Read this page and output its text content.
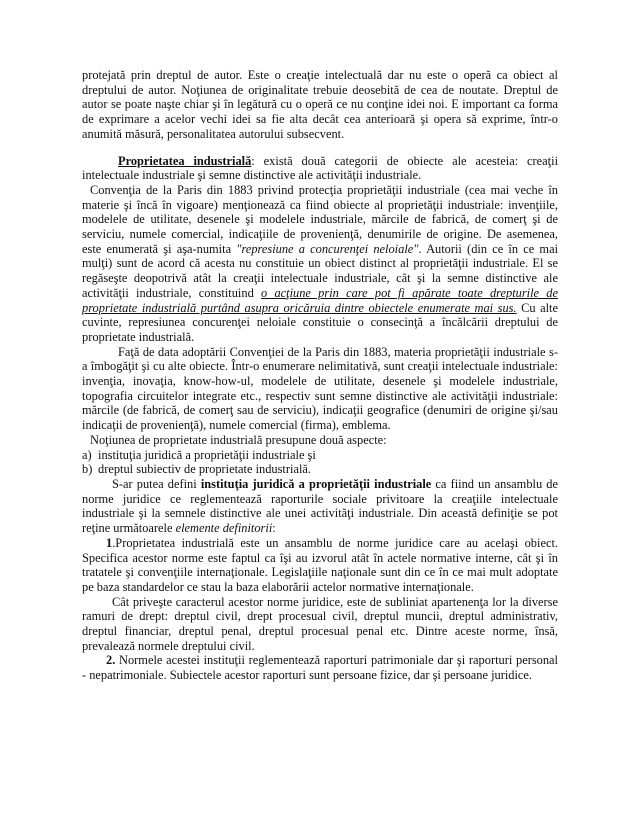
protejată prin dreptul de autor. Este o creaţie intelectuală dar nu este o operă ca obiect al dreptului de autor. Noţiunea de originalitate trebuie deosebită de cea de noutate. Dreptul de autor se poate naşte chiar şi în legătură cu o operă ce nu conţine idei noi. E important ca forma de exprimare a acelor vechi idei sa fie alta decât cea anterioară şi opera să exprime, într-o anumită măsură, personalitatea autorului subsecvent.

Proprietatea industrială: există două categorii de obiecte ale acesteia: creaţii intelectuale industriale şi semne distinctive ale activităţii industriale.

Convenţia de la Paris din 1883 privind protecţia proprietăţii industriale (cea mai veche în materie şi încă în vigoare) menţionează ca fiind obiecte al proprietăţii industriale: invenţiile, modelele de utilitate, desenele şi modelele industriale, mărcile de fabrică, de comerţ şi de serviciu, numele comercial, indicaţiile de provenienţă, denumirile de origine. De asemenea, este enumerată şi aşa-numita "represiune a concurenţei neloiale". Autorii (din ce în ce mai mulţi) sunt de acord că acesta nu constituie un obiect distinct al proprietăţii industriale. El se regăseşte deopotrivă atât la creaţii intelectuale industriale, cât şi la semne distinctive ale activităţii industriale, constituind o acţiune prin care pot fi apărate toate drepturile de proprietate industrială purtând asupra oricăruia dintre obiectele enumerate mai sus. Cu alte cuvinte, represiunea concurenţei neloiale constituie o consecinţă a încălcării dreptului de proprietate industrială.

Faţă de data adoptării Convenţiei de la Paris din 1883, materia proprietăţii industriale s-a îmbogăţit şi cu alte obiecte. Într-o enumerare nelimitativă, sunt creaţii intelectuale industriale: invenţia, inovaţia, know-how-ul, modelele de utilitate, desenele şi modelele industriale, topografia circuitelor integrate etc., respectiv sunt semne distinctive ale activităţii industriale: mărcile (de fabrică, de comerţ sau de serviciu), indicaţii geografice (denumiri de origine şi/sau indicaţii de provenienţă), numele comercial (firma), emblema.

Noţiunea de proprietate industrială presupune două aspecte:

a) instituţia juridică a proprietăţii industriale şi

b) dreptul subiectiv de proprietate industrială.

S-ar putea defini instituţia juridică a proprietăţii industriale ca fiind un ansamblu de norme juridice ce reglementează raporturile sociale privitoare la creaţiile intelectuale industriale şi la semnele distinctive ale unei activităţi industriale. Din această definiţie se pot reţine următoarele elemente definitorii:

1.Proprietatea industrială este un ansamblu de norme juridice care au acelaşi obiect. Specifica acestor norme este faptul ca îşi au izvorul atât în actele normative interne, cât şi în tratatele şi convenţiile internaţionale. Legislaţiile naţionale sunt din ce în ce mai mult adoptate pe baza standardelor ce stau la baza elaborării actelor normative internaţionale.

Cât priveşte caracterul acestor norme juridice, este de subliniat apartenenţa lor la diverse ramuri de drept: dreptul civil, drept procesual civil, dreptul muncii, dreptul administrativ, dreptul financiar, dreptul penal, dreptul procesual penal etc. Dintre aceste norme, însă, prevalează normele dreptului civil.

2. Normele acestei instituţii reglementează raporturi patrimoniale dar şi raporturi personal - nepatrimoniale. Subiectele acestor raporturi sunt persoane fizice, dar şi persoane juridice.
